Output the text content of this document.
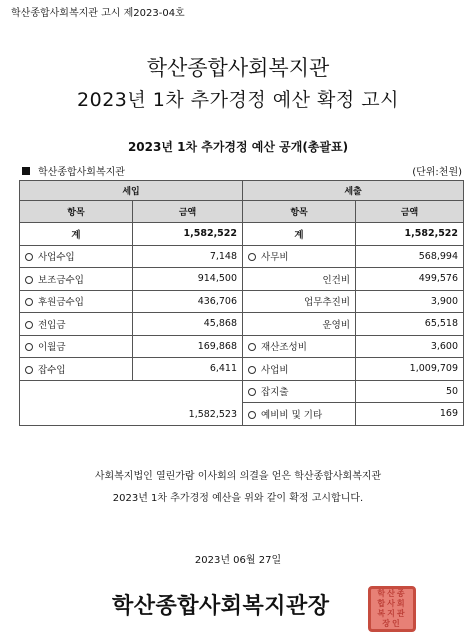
학산종합사회복지관 고시 제2023-04호
학산종합사회복지관
2023년 1차 추가경정 예산 확정 고시
2023년 1차 추가경정 예산 공개(총괄표)
학산종합사회복지관	(단위:천원)
세입		세출	
항목	금액	항목	금액
계	1,582,522	계	1,582,522
사업수입	7,148	사무비	568,994
보조금수입	914,500	인건비	499,576
후원금수입	436,706	업무추진비	3,900
전입금	45,868	운영비	65,518
이월금	169,868	재산조성비	3,600
잡수입	6,411	사업비	1,009,709
1,582,523		잡지출	50
		예비비 및 기타	169
사회복지법인 열린가람 이사회의 의결을 얻은 학산종합사회복지관
2023년 1차 추가경정 예산을 위와 같이 확정 고시합니다.
2023년 06월 27일
학산종합사회복지관장
학산종합사회복지관장인
